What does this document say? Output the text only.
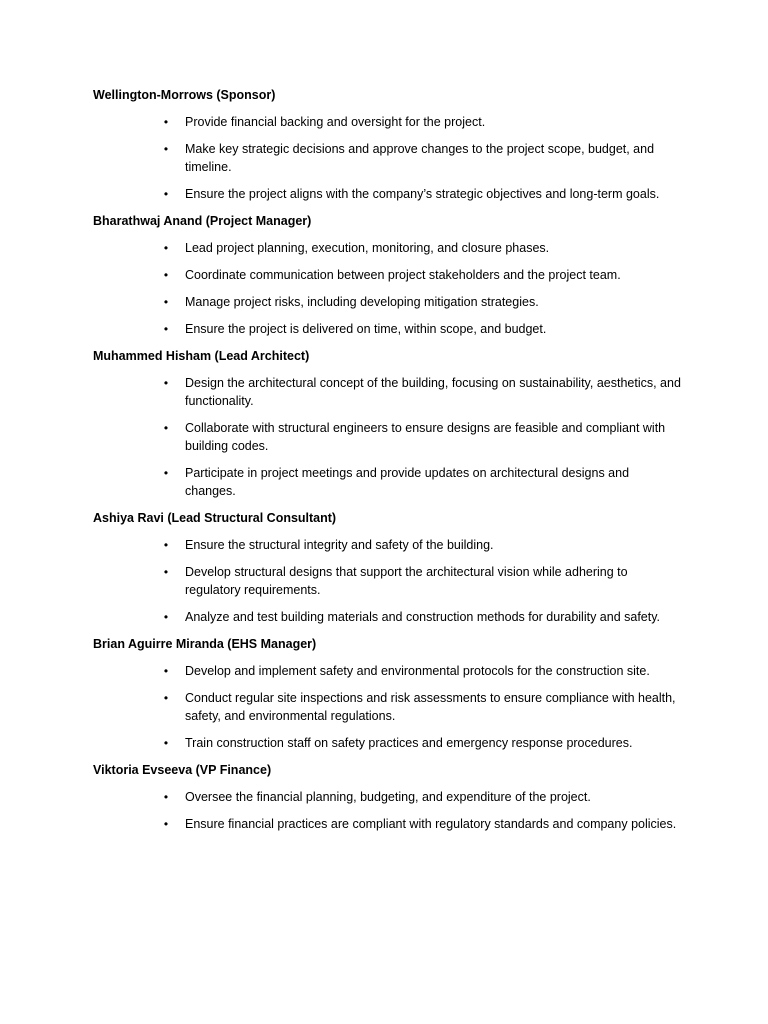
Wellington-Morrows (Sponsor)
• Provide financial backing and oversight for the project.
• Make key strategic decisions and approve changes to the project scope, budget, and timeline.
• Ensure the project aligns with the company’s strategic objectives and long-term goals.
Bharathwaj Anand (Project Manager)
• Lead project planning, execution, monitoring, and closure phases.
• Coordinate communication between project stakeholders and the project team.
• Manage project risks, including developing mitigation strategies.
• Ensure the project is delivered on time, within scope, and budget.
Muhammed Hisham (Lead Architect)
• Design the architectural concept of the building, focusing on sustainability, aesthetics, and functionality.
• Collaborate with structural engineers to ensure designs are feasible and compliant with building codes.
• Participate in project meetings and provide updates on architectural designs and changes.
Ashiya Ravi (Lead Structural Consultant)
• Ensure the structural integrity and safety of the building.
• Develop structural designs that support the architectural vision while adhering to regulatory requirements.
• Analyze and test building materials and construction methods for durability and safety.
Brian Aguirre Miranda (EHS Manager)
• Develop and implement safety and environmental protocols for the construction site.
• Conduct regular site inspections and risk assessments to ensure compliance with health, safety, and environmental regulations.
• Train construction staff on safety practices and emergency response procedures.
Viktoria Evseeva (VP Finance)
• Oversee the financial planning, budgeting, and expenditure of the project.
• Ensure financial practices are compliant with regulatory standards and company policies.
